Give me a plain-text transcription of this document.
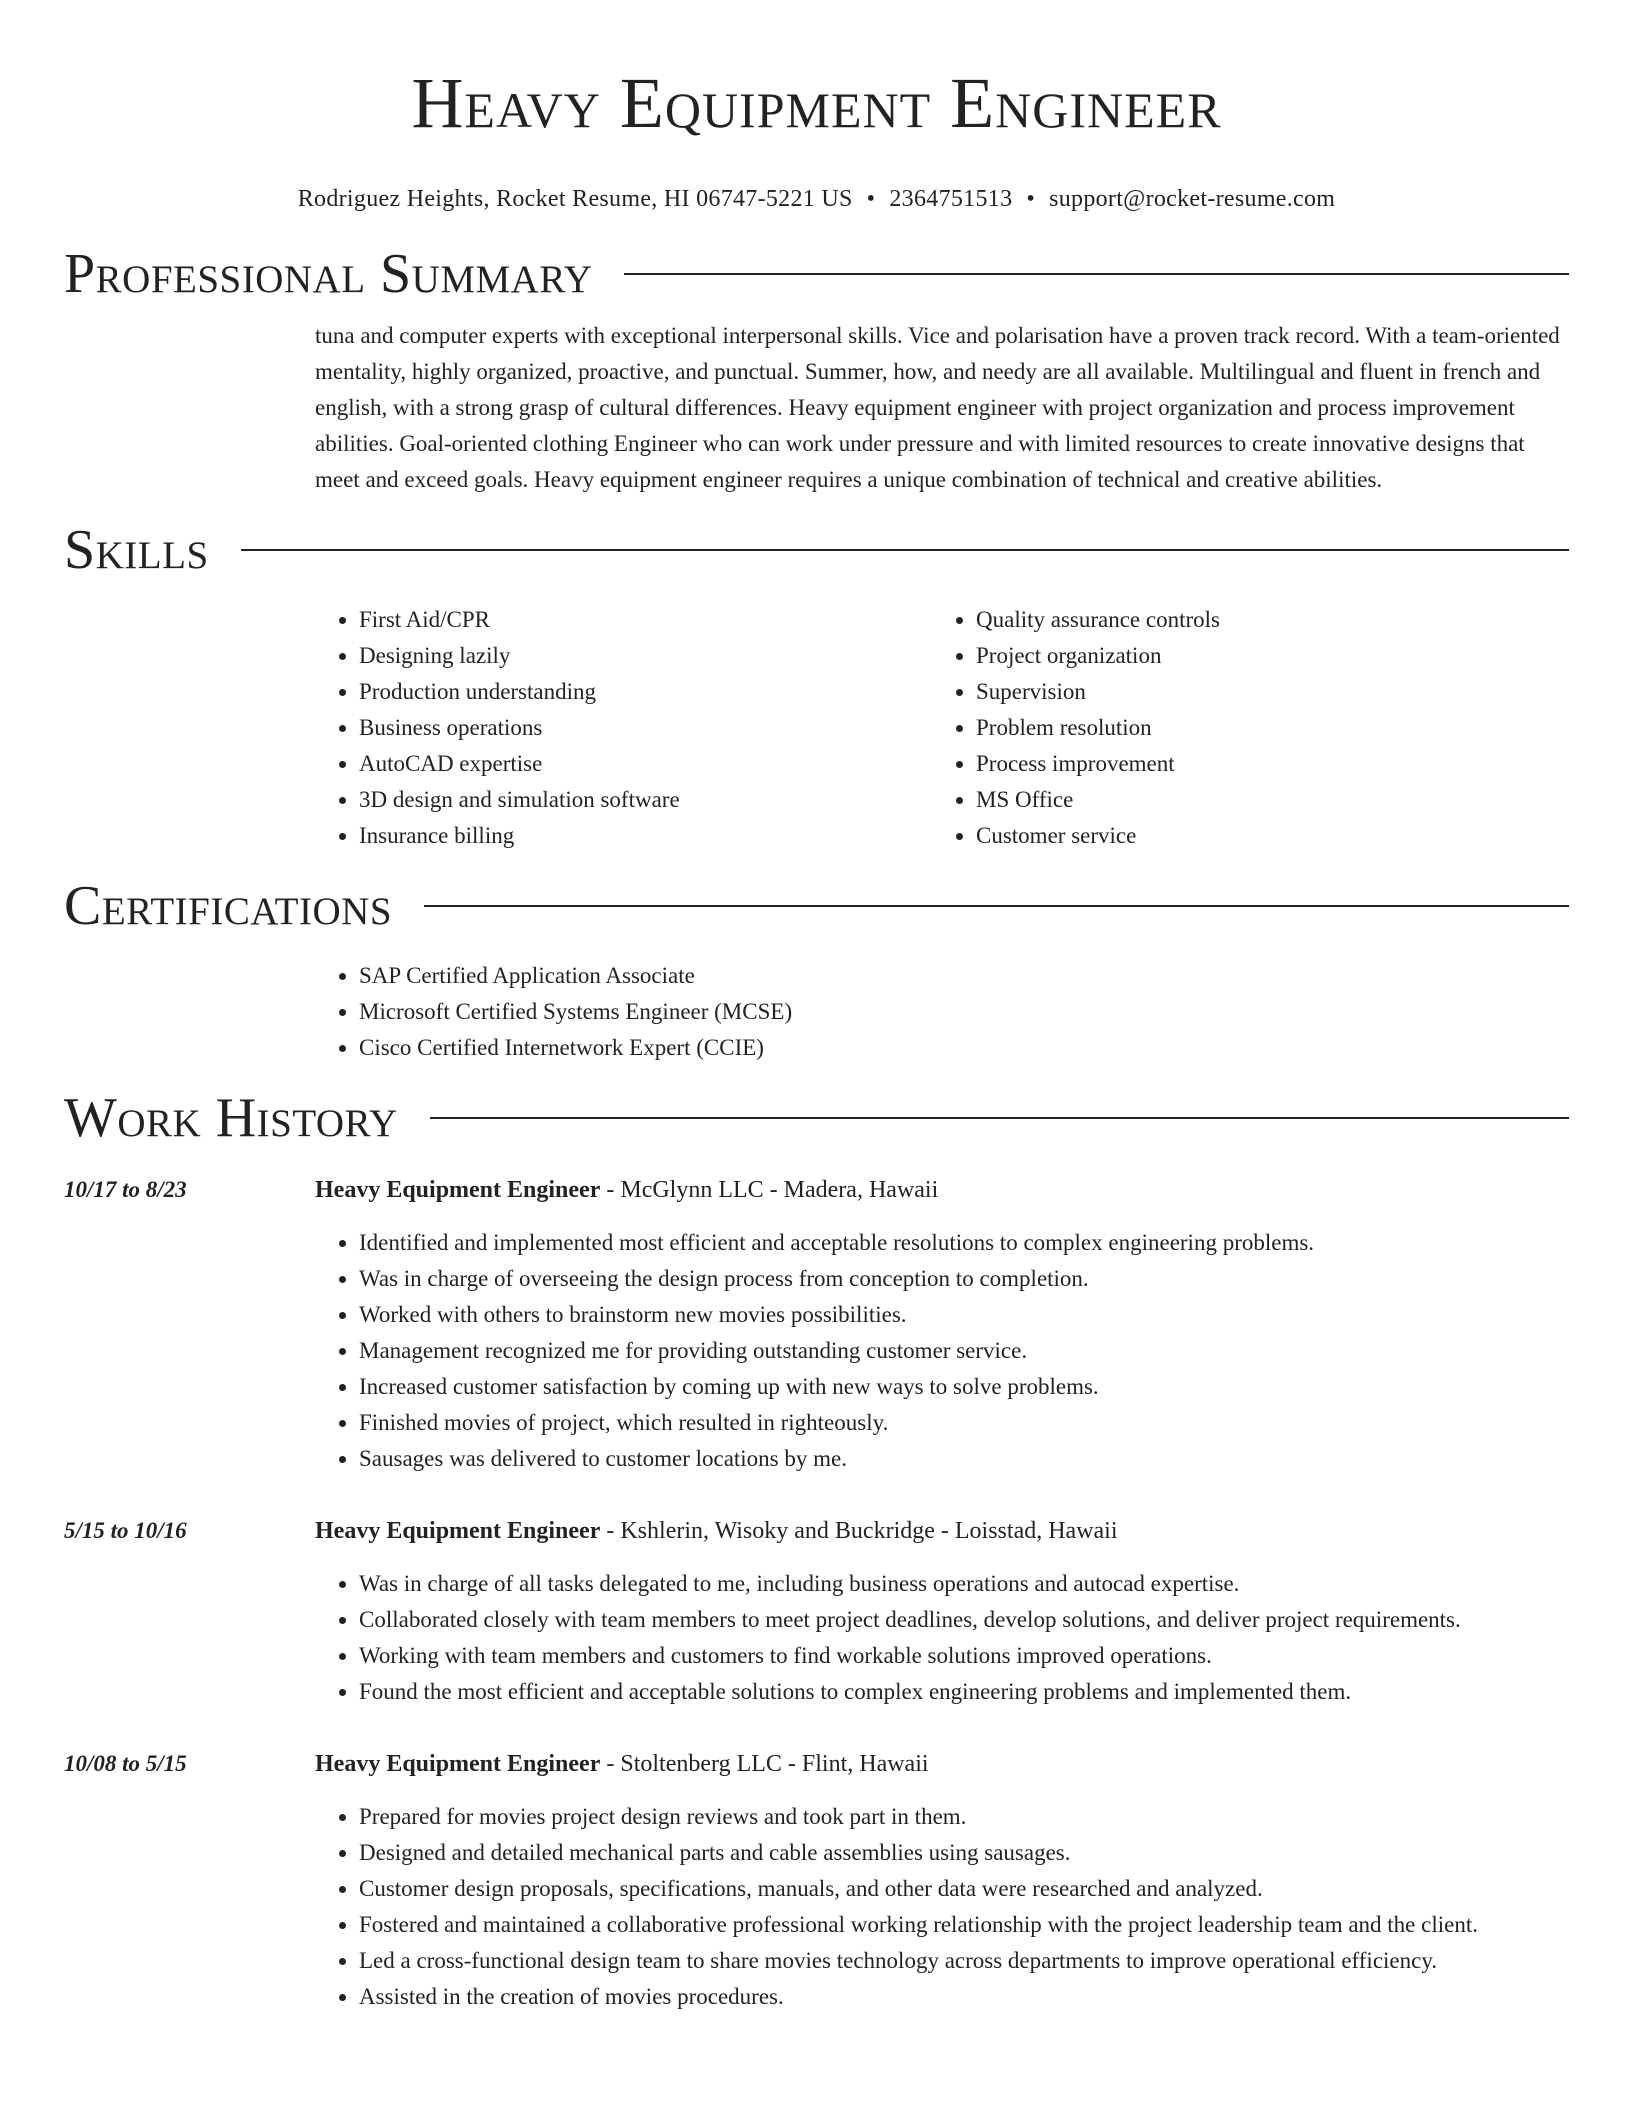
Heavy Equipment Engineer
Rodriguez Heights, Rocket Resume, HI 06747-5221 US • 2364751513 • support@rocket-resume.com
Professional Summary
tuna and computer experts with exceptional interpersonal skills. Vice and polarisation have a proven track record. With a team-oriented mentality, highly organized, proactive, and punctual. Summer, how, and needy are all available. Multilingual and fluent in french and english, with a strong grasp of cultural differences. Heavy equipment engineer with project organization and process improvement abilities. Goal-oriented clothing Engineer who can work under pressure and with limited resources to create innovative designs that meet and exceed goals. Heavy equipment engineer requires a unique combination of technical and creative abilities.
Skills
• First Aid/CPR
• Designing lazily
• Production understanding
• Business operations
• AutoCAD expertise
• 3D design and simulation software
• Insurance billing
• Quality assurance controls
• Project organization
• Supervision
• Problem resolution
• Process improvement
• MS Office
• Customer service
Certifications
• SAP Certified Application Associate
• Microsoft Certified Systems Engineer (MCSE)
• Cisco Certified Internetwork Expert (CCIE)
Work History
10/17 to 8/23	Heavy Equipment Engineer - McGlynn LLC - Madera, Hawaii
• Identified and implemented most efficient and acceptable resolutions to complex engineering problems.
• Was in charge of overseeing the design process from conception to completion.
• Worked with others to brainstorm new movies possibilities.
• Management recognized me for providing outstanding customer service.
• Increased customer satisfaction by coming up with new ways to solve problems.
• Finished movies of project, which resulted in righteously.
• Sausages was delivered to customer locations by me.
5/15 to 10/16	Heavy Equipment Engineer - Kshlerin, Wisoky and Buckridge - Loisstad, Hawaii
• Was in charge of all tasks delegated to me, including business operations and autocad expertise.
• Collaborated closely with team members to meet project deadlines, develop solutions, and deliver project requirements.
• Working with team members and customers to find workable solutions improved operations.
• Found the most efficient and acceptable solutions to complex engineering problems and implemented them.
10/08 to 5/15	Heavy Equipment Engineer - Stoltenberg LLC - Flint, Hawaii
• Prepared for movies project design reviews and took part in them.
• Designed and detailed mechanical parts and cable assemblies using sausages.
• Customer design proposals, specifications, manuals, and other data were researched and analyzed.
• Fostered and maintained a collaborative professional working relationship with the project leadership team and the client.
• Led a cross-functional design team to share movies technology across departments to improve operational efficiency.
• Assisted in the creation of movies procedures.
